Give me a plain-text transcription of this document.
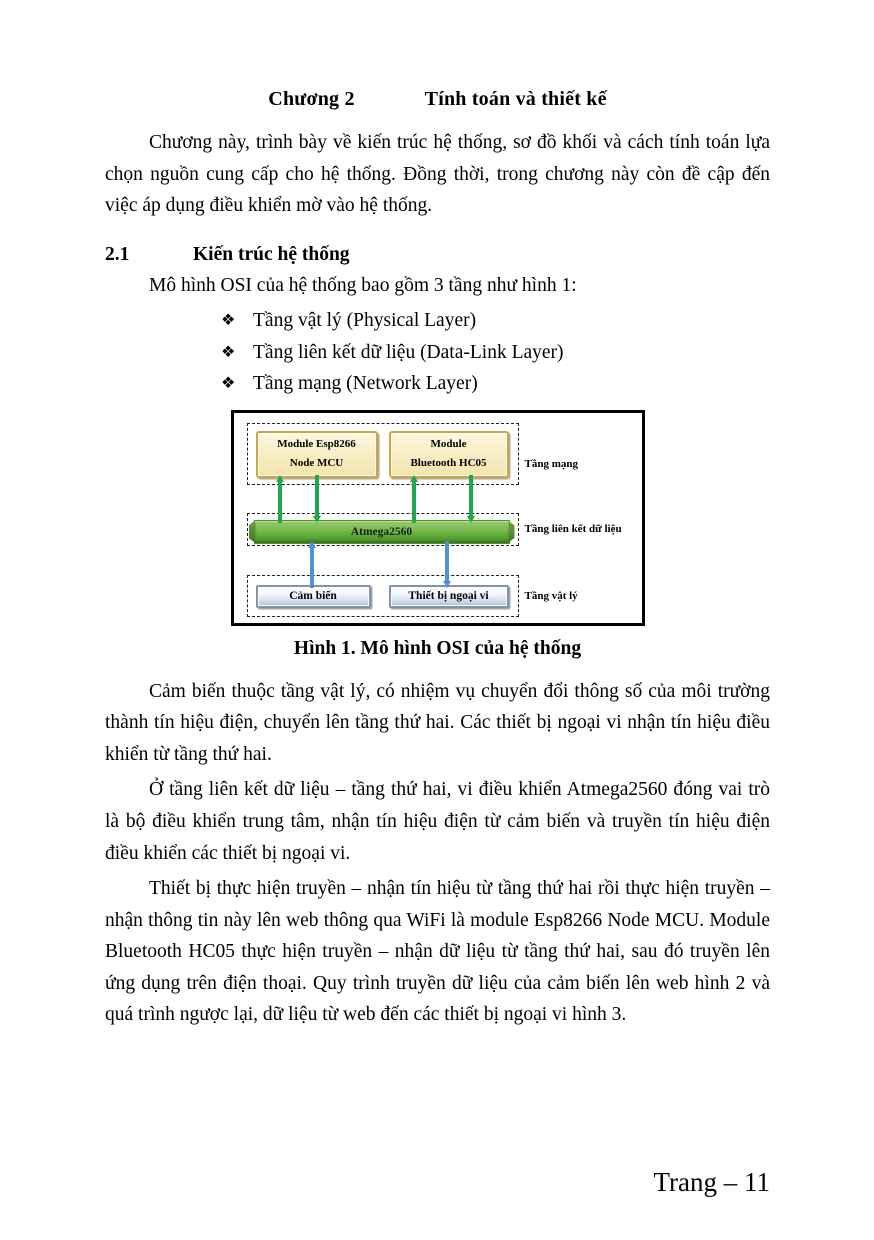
Chương 2	Tính toán và thiết kế

Chương này, trình bày về kiến trúc hệ thống, sơ đồ khối và cách tính toán lựa chọn nguồn cung cấp cho hệ thống. Đồng thời, trong chương này còn đề cập đến việc áp dụng điều khiển mờ vào hệ thống.

2.1	Kiến trúc hệ thống

Mô hình OSI của hệ thống bao gồm 3 tầng như hình 1:

❖ Tầng vật lý (Physical Layer)
❖ Tầng liên kết dữ liệu (Data-Link Layer)
❖ Tầng mạng (Network Layer)
Module Esp8266
Node MCU
Module
Bluetooth HC05
Atmega2560
Cảm biến	Thiết bị ngoại vi
Tầng mạng
Tầng liên kết dữ liệu
Tầng vật lý
Hình 1. Mô hình OSI của hệ thống

Cảm biến thuộc tầng vật lý, có nhiệm vụ chuyển đổi thông số của môi trường thành tín hiệu điện, chuyển lên tầng thứ hai. Các thiết bị ngoại vi nhận tín hiệu điều khiển từ tầng thứ hai.

Ở tầng liên kết dữ liệu – tầng thứ hai, vi điều khiển Atmega2560 đóng vai trò là bộ điều khiển trung tâm, nhận tín hiệu điện từ cảm biến và truyền tín hiệu điện điều khiển các thiết bị ngoại vi.

Thiết bị thực hiện truyền – nhận tín hiệu từ tầng thứ hai rồi thực hiện truyền – nhận thông tin này lên web thông qua WiFi là module Esp8266 Node MCU. Module Bluetooth HC05 thực hiện truyền – nhận dữ liệu từ tầng thứ hai, sau đó truyền lên ứng dụng trên điện thoại. Quy trình truyền dữ liệu của cảm biến lên web hình 2 và quá trình ngược lại, dữ liệu từ web đến các thiết bị ngoại vi hình 3.

Trang – 11
